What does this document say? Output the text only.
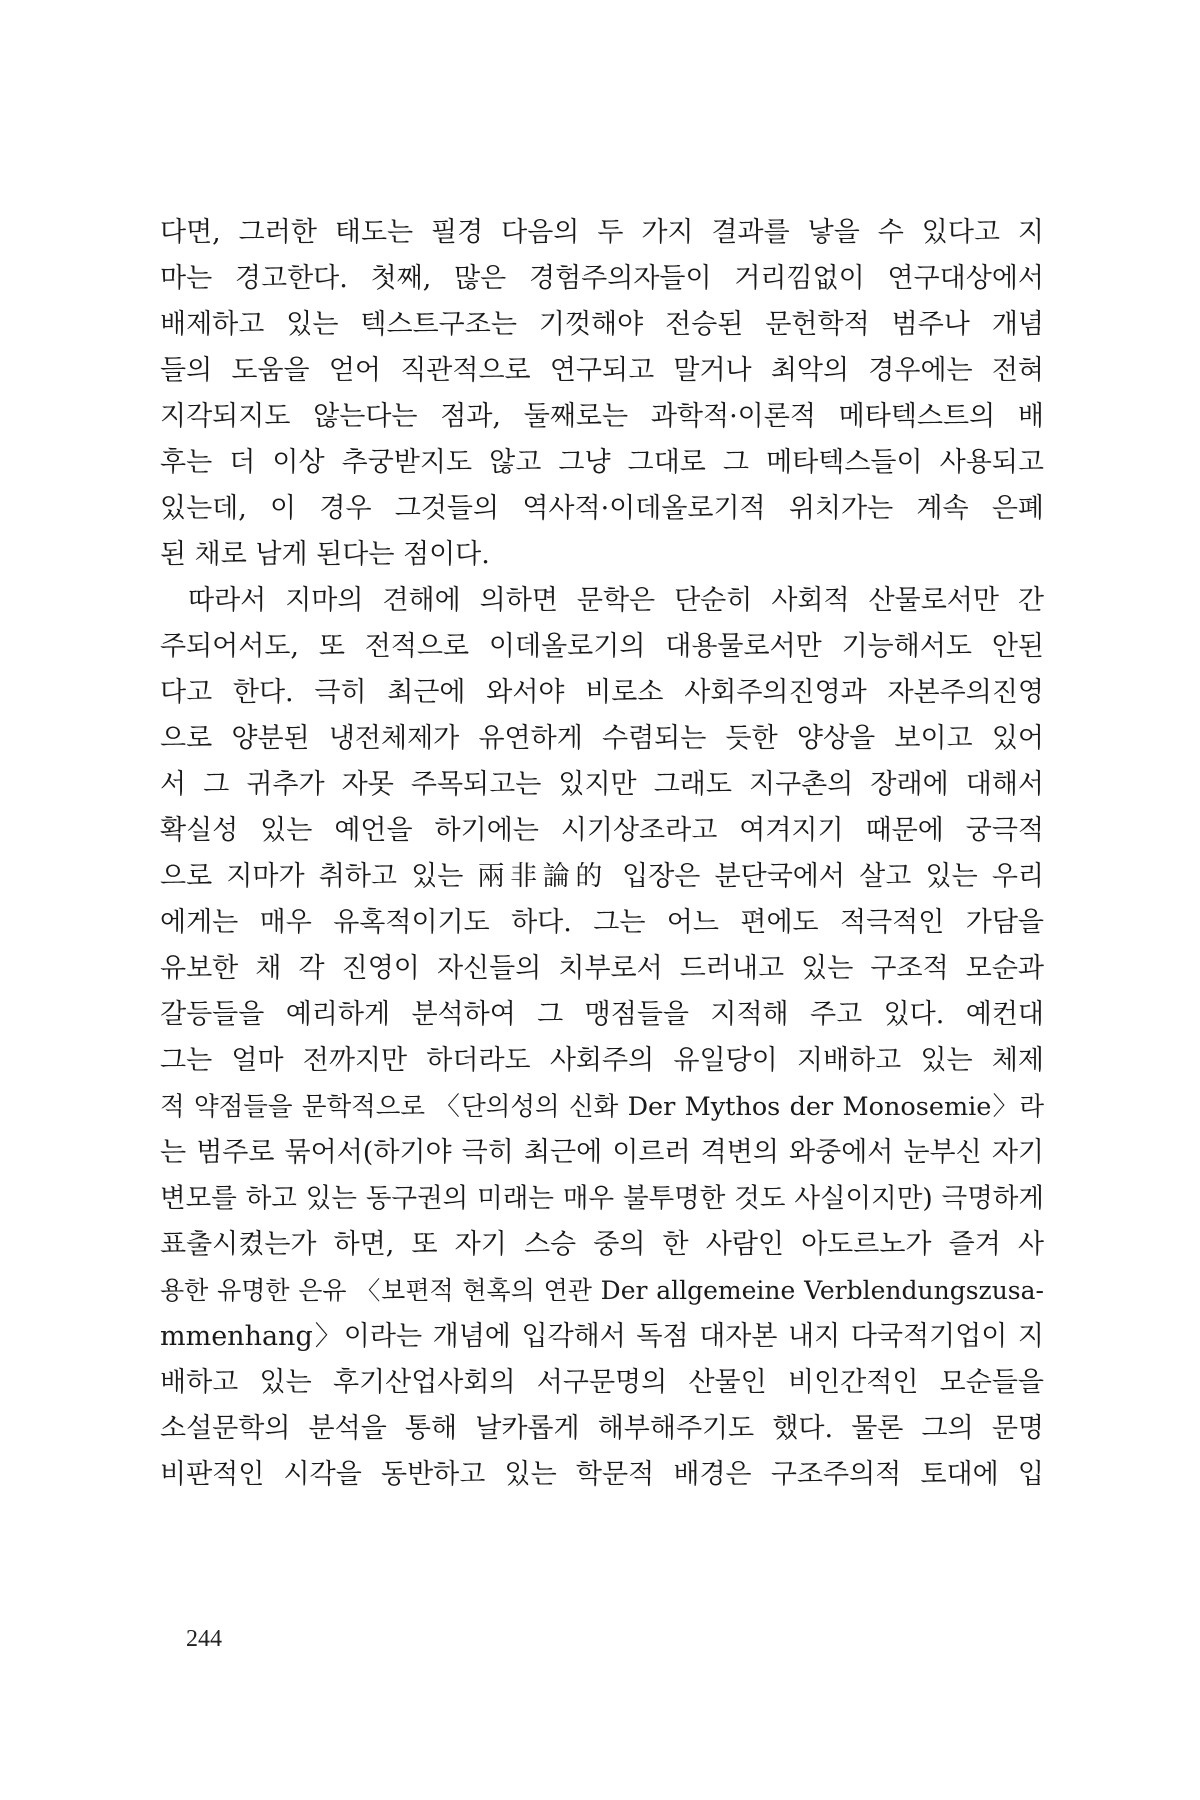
다면, 그러한 태도는 필경 다음의 두 가지 결과를 낳을 수 있다고 지
마는 경고한다. 첫째, 많은 경험주의자들이 거리낌없이 연구대상에서
배제하고 있는 텍스트구조는 기껏해야 전승된 문헌학적 범주나 개념
들의 도움을 얻어 직관적으로 연구되고 말거나 최악의 경우에는 전혀
지각되지도 않는다는 점과, 둘째로는 과학적·이론적 메타텍스트의 배
후는 더 이상 추궁받지도 않고 그냥 그대로 그 메타텍스들이 사용되고
있는데, 이 경우 그것들의 역사적·이데올로기적 위치가는 계속 은폐
된 채로 남게 된다는 점이다.
따라서 지마의 견해에 의하면 문학은 단순히 사회적 산물로서만 간
주되어서도, 또 전적으로 이데올로기의 대용물로서만 기능해서도 안된
다고 한다. 극히 최근에 와서야 비로소 사회주의진영과 자본주의진영
으로 양분된 냉전체제가 유연하게 수렴되는 듯한 양상을 보이고 있어
서 그 귀추가 자못 주목되고는 있지만 그래도 지구촌의 장래에 대해서
확실성 있는 예언을 하기에는 시기상조라고 여겨지기 때문에 궁극적
으로 지마가 취하고 있는 兩非論的 입장은 분단국에서 살고 있는 우리
에게는 매우 유혹적이기도 하다. 그는 어느 편에도 적극적인 가담을
유보한 채 각 진영이 자신들의 치부로서 드러내고 있는 구조적 모순과
갈등들을 예리하게 분석하여 그 맹점들을 지적해 주고 있다. 예컨대
그는 얼마 전까지만 하더라도 사회주의 유일당이 지배하고 있는 체제
적 약점들을 문학적으로 〈단의성의 신화 Der Mythos der Monosemie〉라
는 범주로 묶어서(하기야 극히 최근에 이르러 격변의 와중에서 눈부신 자기
변모를 하고 있는 동구권의 미래는 매우 불투명한 것도 사실이지만) 극명하게
표출시켰는가 하면, 또 자기 스승 중의 한 사람인 아도르노가 즐겨 사
용한 유명한 은유 〈보편적 현혹의 연관 Der allgemeine Verblendungszusa-
mmenhang〉이라는 개념에 입각해서 독점 대자본 내지 다국적기업이 지
배하고 있는 후기산업사회의 서구문명의 산물인 비인간적인 모순들을
소설문학의 분석을 통해 날카롭게 해부해주기도 했다. 물론 그의 문명
비판적인 시각을 동반하고 있는 학문적 배경은 구조주의적 토대에 입
244
